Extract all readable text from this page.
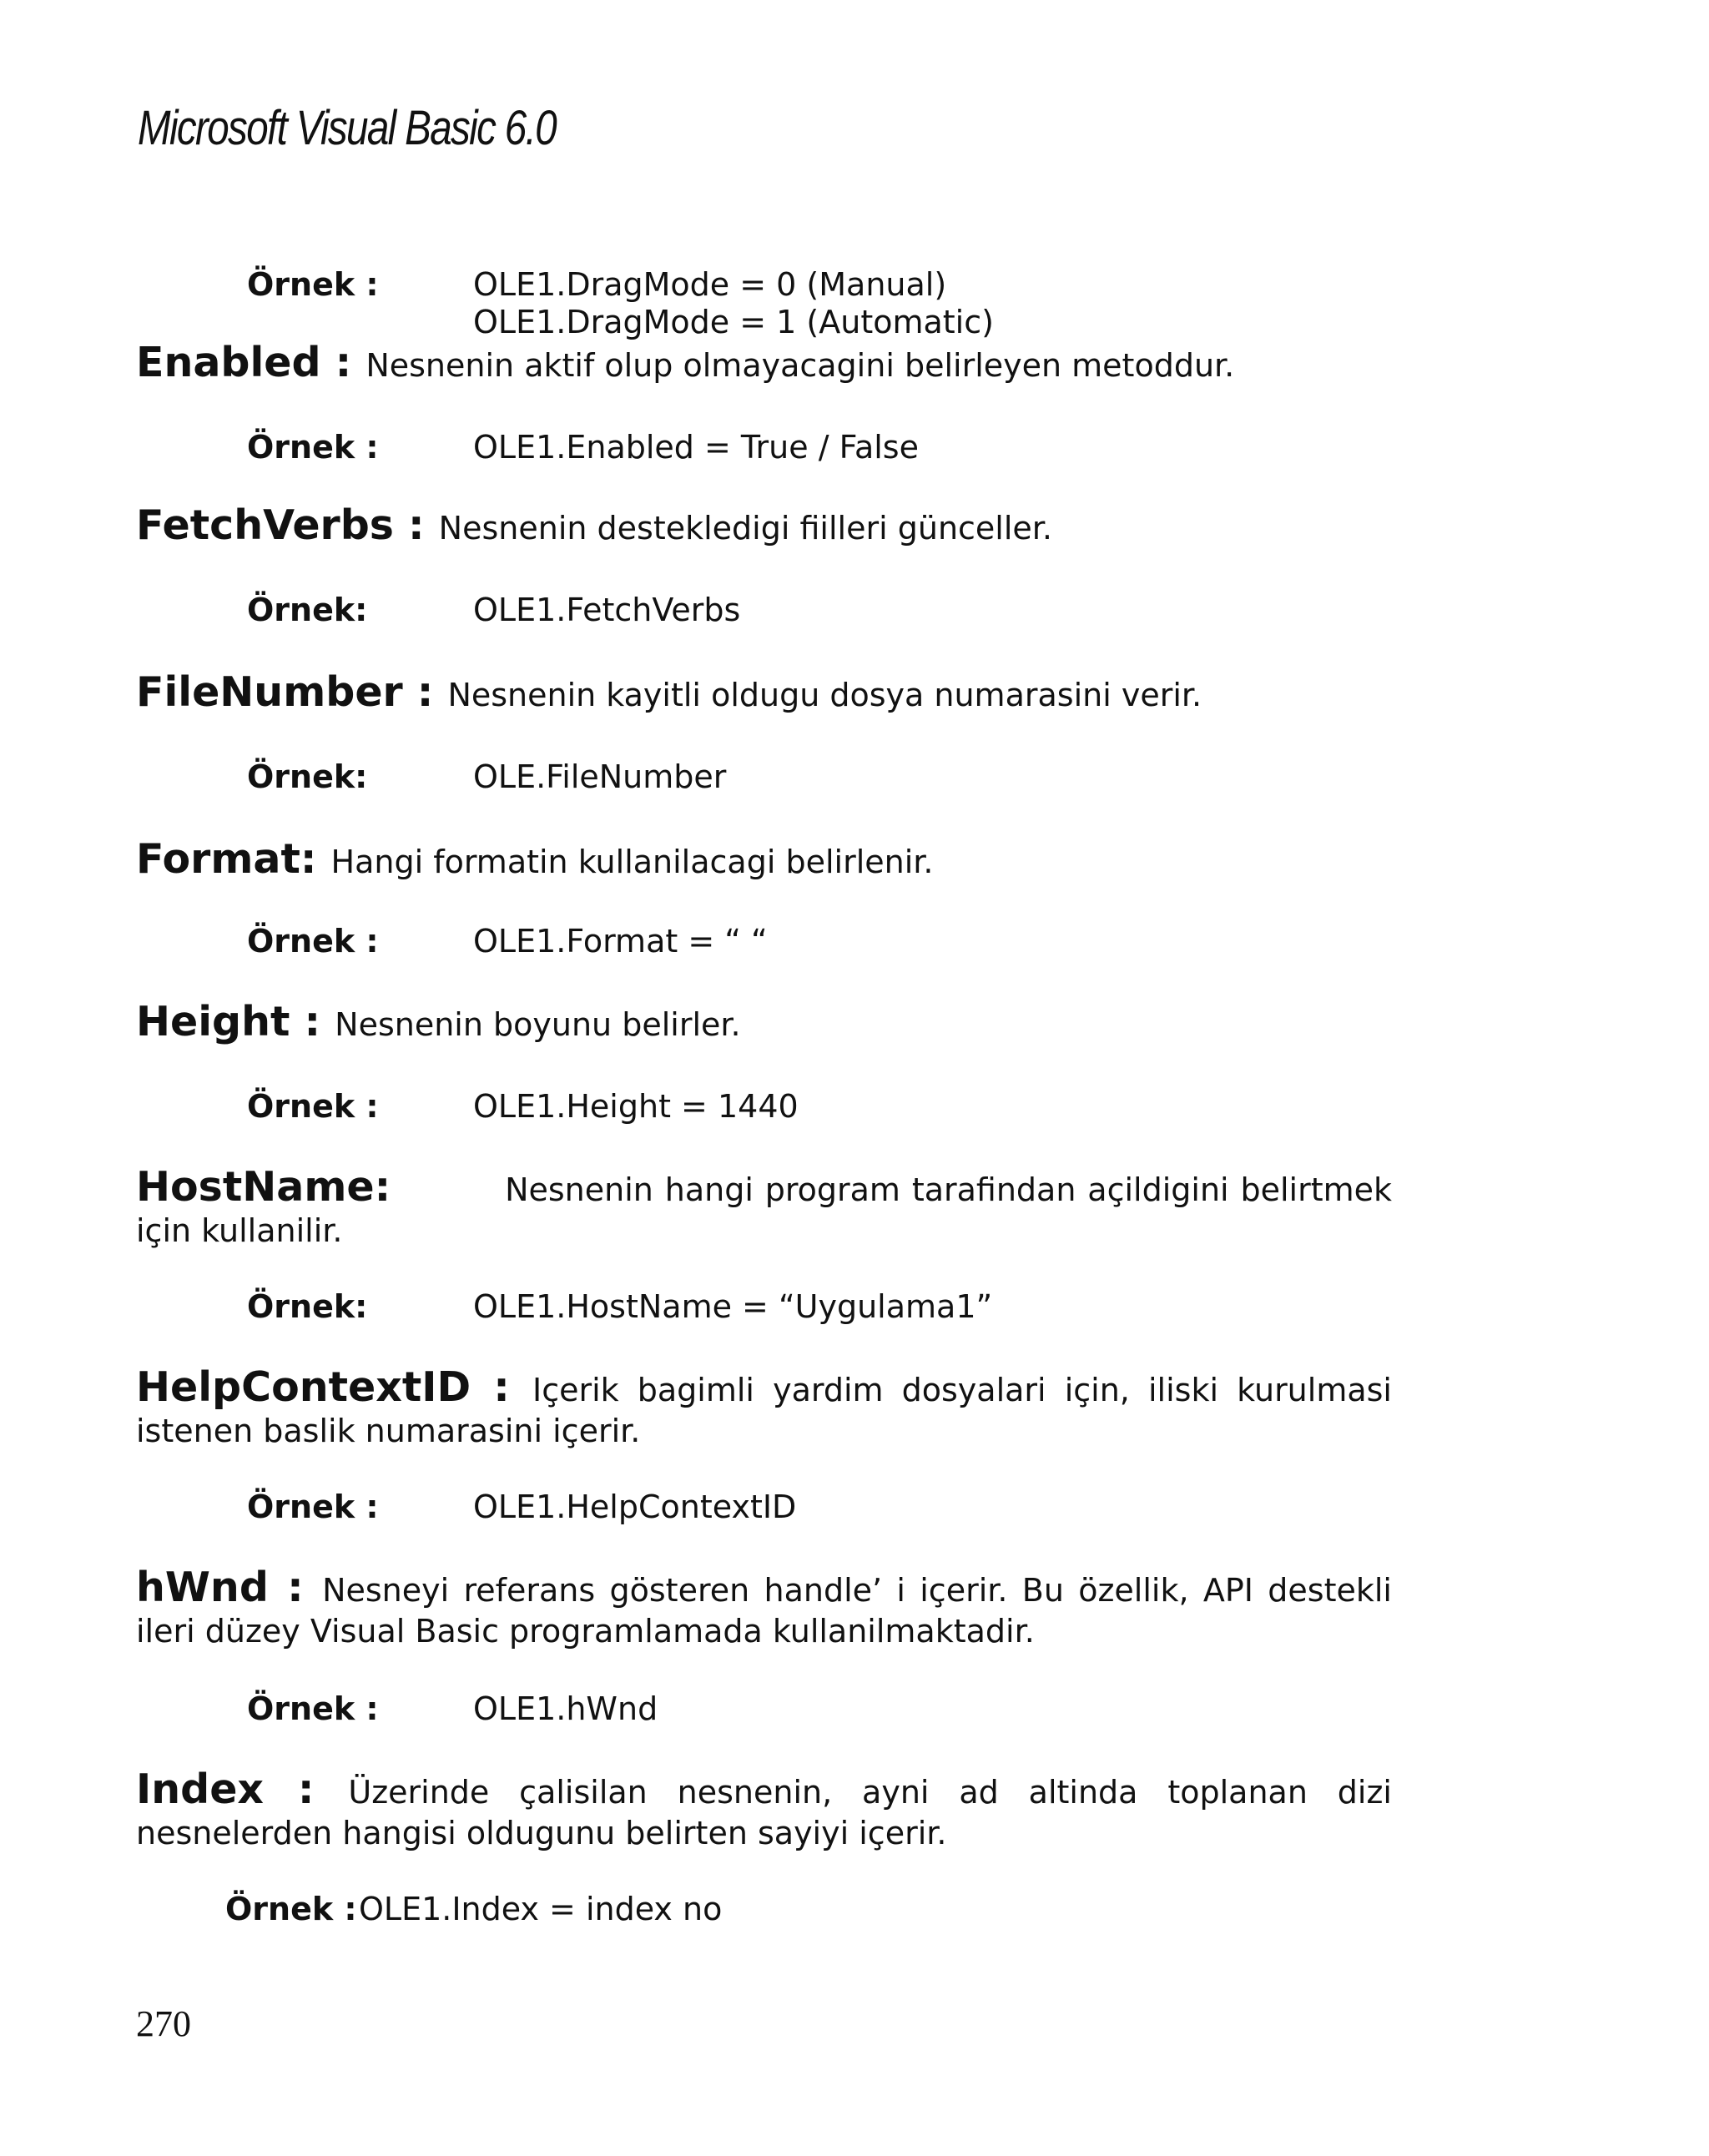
Microsoft Visual Basic 6.0
Örnek :	OLE1.DragMode = 0 (Manual)
OLE1.DragMode = 1 (Automatic)
Enabled : Nesnenin aktif olup olmayacagini belirleyen metoddur.
Örnek :	OLE1.Enabled = True / False
FetchVerbs : Nesnenin destekledigi fiilleri günceller.
Örnek:	OLE1.FetchVerbs
FileNumber : Nesnenin kayitli oldugu dosya numarasini verir.
Örnek:	OLE.FileNumber
Format: Hangi formatin kullanilacagi belirlenir.
Örnek :	OLE1.Format = “ “
Height : Nesnenin boyunu belirler.
Örnek :	OLE1.Height = 1440
HostName:	Nesnenin hangi program tarafindan açildigini belirtmek için kullanilir.
Örnek:	OLE1.HostName = “Uygulama1”
HelpContextID : Içerik bagimli yardim dosyalari için, iliski kurulmasi istenen baslik numarasini içerir.
Örnek :	OLE1.HelpContextID
hWnd : Nesneyi referans gösteren handle’ i içerir. Bu özellik, API destekli ileri düzey Visual Basic programlamada kullanilmaktadir.
Örnek :	OLE1.hWnd
Index : Üzerinde çalisilan nesnenin, ayni ad altinda toplanan dizi nesnelerden hangisi oldugunu belirten sayiyi içerir.
Örnek : OLE1.Index = index no
270
